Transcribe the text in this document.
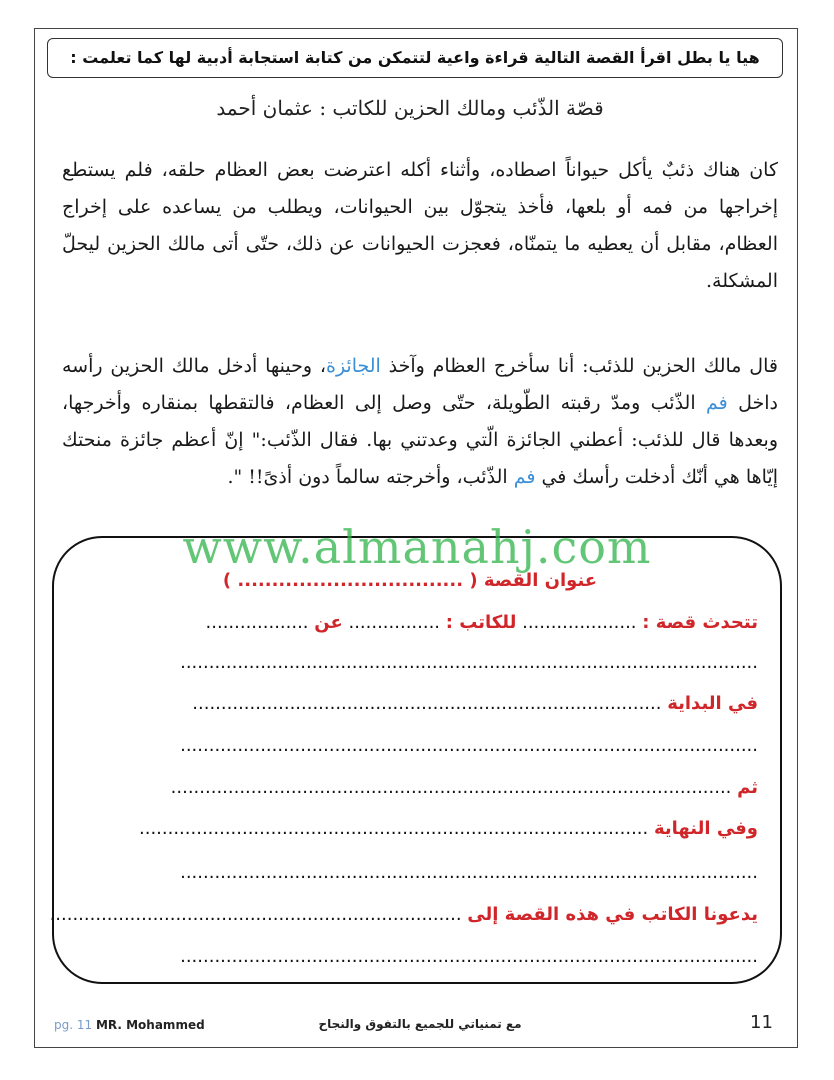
هيا يا بطل اقرأ القصة التالية قراءة واعية لتتمكن من كتابة استجابة أدبية لها كما تعلمت :
قصّة الذّئب ومالك الحزين للكاتب : عثمان أحمد
كان هناك ذئبٌ يأكل حيواناً اصطاده، وأثناء أكله اعترضت بعض العظام حلقه، فلم يستطع إخراجها من فمه أو بلعها، فأخذ يتجوّل بين الحيوانات، ويطلب من يساعده على إخراج العظام، مقابل أن يعطيه ما يتمنّاه، فعجزت الحيوانات عن ذلك، حتّى أتى مالك الحزين ليحلّ المشكلة.
قال مالك الحزين للذئب: أنا سأخرج العظام وآخذ الجائزة، وحينها أدخل مالك الحزين رأسه داخل فم الذّئب ومدّ رقبته الطّويلة، حتّى وصل إلى العظام، فالتقطها بمنقاره وأخرجها، وبعدها قال للذئب: أعطني الجائزة الّتي وعدتني بها. فقال الذّئب:" إنّ أعظم جائزة منحتك إيّاها هي أنّك أدخلت رأسك في فم الذّئب، وأخرجته سالماً دون أذىً!! ".
www.almanahj.com
عنوان القصة ( ................................. )
تتحدث قصة : .................... للكاتب : ................ عن ..................
.....................................................................................................
في البداية ..................................................................................
.....................................................................................................
ثم ..................................................................................................
وفي النهاية .........................................................................................
.....................................................................................................
يدعونا الكاتب في هذه القصة إلى ........................................................................
.....................................................................................................
pg. 11 MR. Mohammed	مع تمنياتي للجميع بالتفوق والنجاح	11
